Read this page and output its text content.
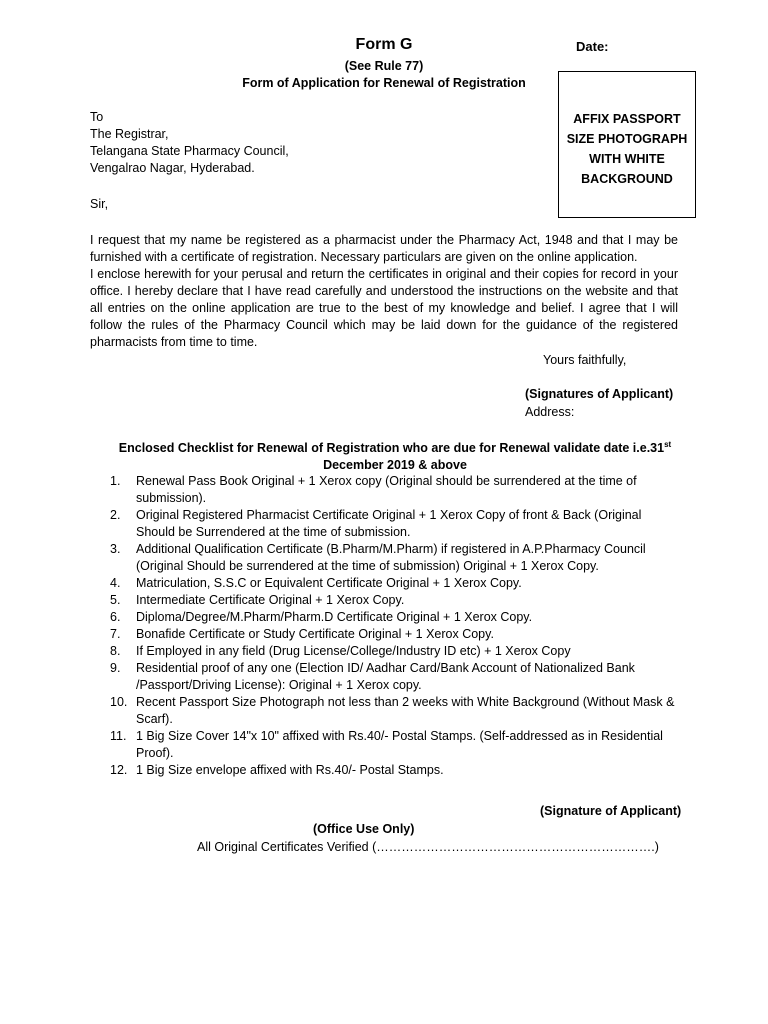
Form G	Date:
(See Rule 77)
Form of Application for Renewal of Registration
AFFIX PASSPORT
SIZE PHOTOGRAPH
WITH WHITE
BACKGROUND
To
The Registrar,
Telangana State Pharmacy Council,
Vengalrao Nagar, Hyderabad.
Sir,

I request that my name be registered as a pharmacist under the Pharmacy Act, 1948 and that I may be furnished with a certificate of registration. Necessary particulars are given on the online application.

I enclose herewith for your perusal and return the certificates in original and their copies for record in your office. I hereby declare that I have read carefully and understood the instructions on the website and that all entries on the online application are true to the best of my knowledge and belief. I agree that I will follow the rules of the Pharmacy Council which may be laid down for the guidance of the registered pharmacists from time to time.

Yours faithfully,
(Signatures of Applicant)
Address:
Enclosed Checklist for Renewal of Registration who are due for Renewal validate date i.e.31st
December 2019 & above
1.	Renewal Pass Book Original + 1 Xerox copy (Original should be surrendered at the time of submission).
2.	Original Registered Pharmacist Certificate Original + 1 Xerox Copy of front & Back (Original Should be Surrendered at the time of submission.
3.	Additional Qualification Certificate (B.Pharm/M.Pharm) if registered in A.P.Pharmacy Council (Original Should be surrendered at the time of submission) Original + 1 Xerox Copy.
4.	Matriculation, S.S.C or Equivalent Certificate Original + 1 Xerox Copy.
5.	Intermediate Certificate Original + 1 Xerox Copy.
6.	Diploma/Degree/M.Pharm/Pharm.D Certificate Original + 1 Xerox Copy.
7.	Bonafide Certificate or Study Certificate Original + 1 Xerox Copy.
8.	If Employed in any field (Drug License/College/Industry ID etc) + 1 Xerox Copy
9.	Residential proof of any one (Election ID/ Aadhar Card/Bank Account of Nationalized Bank /Passport/Driving License): Original + 1 Xerox copy.
10. Recent Passport Size Photograph not less than 2 weeks with White Background (Without Mask & Scarf).
11. 1 Big Size Cover 14"x 10" affixed with Rs.40/- Postal Stamps. (Self-addressed as in Residential Proof).
12. 1 Big Size envelope affixed with Rs.40/- Postal Stamps.
(Signature of Applicant)
(Office Use Only)
All Original Certificates Verified (………………………………………………………….)
